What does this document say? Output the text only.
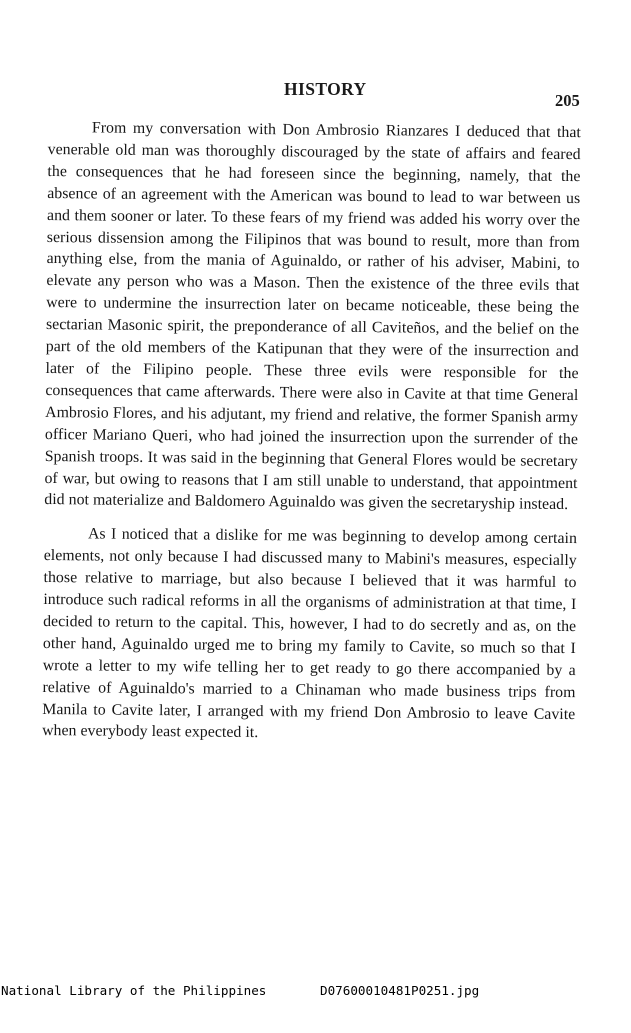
HISTORY
205

From my conversation with Don Ambrosio Rianzares I deduced that that venerable old man was thoroughly discouraged by the state of affairs and feared the consequences that he had foreseen since the beginning, namely, that the absence of an agreement with the American was bound to lead to war between us and them sooner or later. To these fears of my friend was added his worry over the serious dissension among the Filipinos that was bound to result, more than from anything else, from the mania of Aguinaldo, or rather of his adviser, Mabini, to elevate any person who was a Mason. Then the existence of the three evils that were to undermine the insurrection later on became noticeable, these being the sectarian Masonic spirit, the preponderance of all Caviteños, and the belief on the part of the old members of the Katipunan that they were of the insurrection and later of the Filipino people. These three evils were responsible for the consequences that came afterwards. There were also in Cavite at that time General Ambrosio Flores, and his adjutant, my friend and relative, the former Spanish army officer Mariano Queri, who had joined the insurrection upon the surrender of the Spanish troops. It was said in the beginning that General Flores would be secretary of war, but owing to reasons that I am still unable to understand, that appointment did not materialize and Baldomero Aguinaldo was given the secretaryship instead.

As I noticed that a dislike for me was beginning to develop among certain elements, not only because I had discussed many to Mabini's measures, especially those relative to marriage, but also because I believed that it was harmful to introduce such radical reforms in all the organisms of administration at that time, I decided to return to the capital. This, however, I had to do secretly and as, on the other hand, Aguinaldo urged me to bring my family to Cavite, so much so that I wrote a letter to my wife telling her to get ready to go there accompanied by a relative of Aguinaldo's married to a Chinaman who made business trips from Manila to Cavite later, I arranged with my friend Don Ambrosio to leave Cavite when everybody least expected it.

National Library of the Philippines

	D07600010481P0251.jpg
